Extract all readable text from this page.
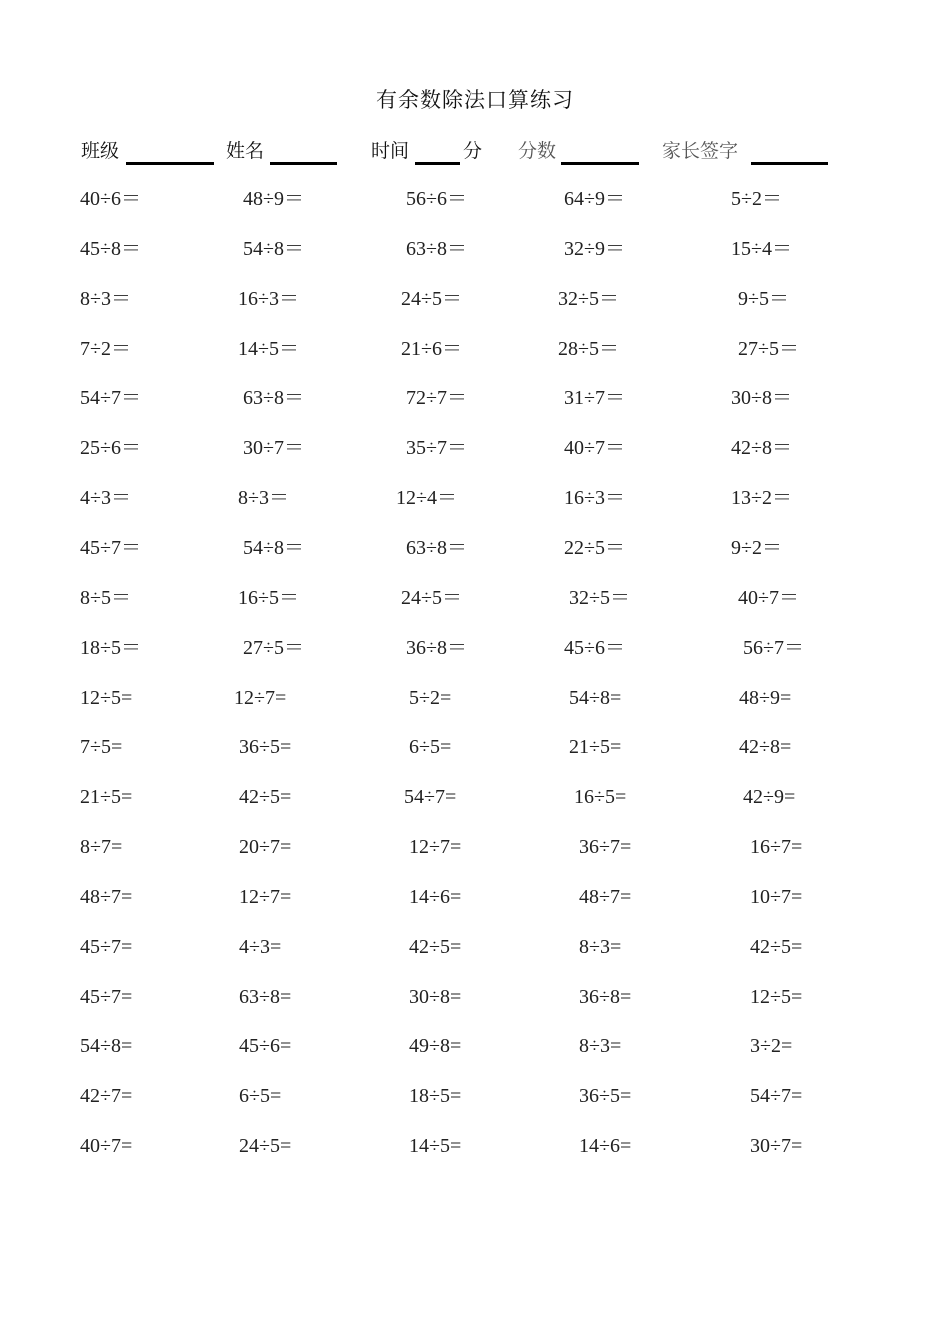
有余数除法口算练习
班级	姓名	时间	分 分数	家长签字
40÷6＝	48÷9＝	56÷6＝	64÷9＝	5÷2＝
45÷8＝	54÷8＝	63÷8＝	32÷9＝	15÷4＝
8÷3＝	16÷3＝	24÷5＝	32÷5＝	9÷5＝
7÷2＝	14÷5＝	21÷6＝	28÷5＝	27÷5＝
54÷7＝	63÷8＝	72÷7＝	31÷7＝	30÷8＝
25÷6＝	30÷7＝	35÷7＝	40÷7＝	42÷8＝
4÷3＝	8÷3＝	12÷4＝	16÷3＝	13÷2＝
45÷7＝	54÷8＝	63÷8＝	22÷5＝	9÷2＝
8÷5＝	16÷5＝	24÷5＝	32÷5＝	40÷7＝
18÷5＝	27÷5＝	36÷8＝	45÷6＝	56÷7＝
12÷5=	12÷7=	5÷2=	54÷8=	48÷9=
7÷5=	36÷5=	6÷5=	21÷5=	42÷8=
21÷5=	42÷5=	54÷7=	16÷5=	42÷9=
8÷7=	20÷7=	12÷7=	36÷7=	16÷7=
48÷7=	12÷7=	14÷6=	48÷7=	10÷7=
45÷7=	4÷3=	42÷5=	8÷3=	42÷5=
45÷7=	63÷8=	30÷8=	36÷8=	12÷5=
54÷8=	45÷6=	49÷8=	8÷3=	3÷2=
42÷7=	6÷5=	18÷5=	36÷5=	54÷7=
40÷7=	24÷5=	14÷5=	14÷6=	30÷7=
